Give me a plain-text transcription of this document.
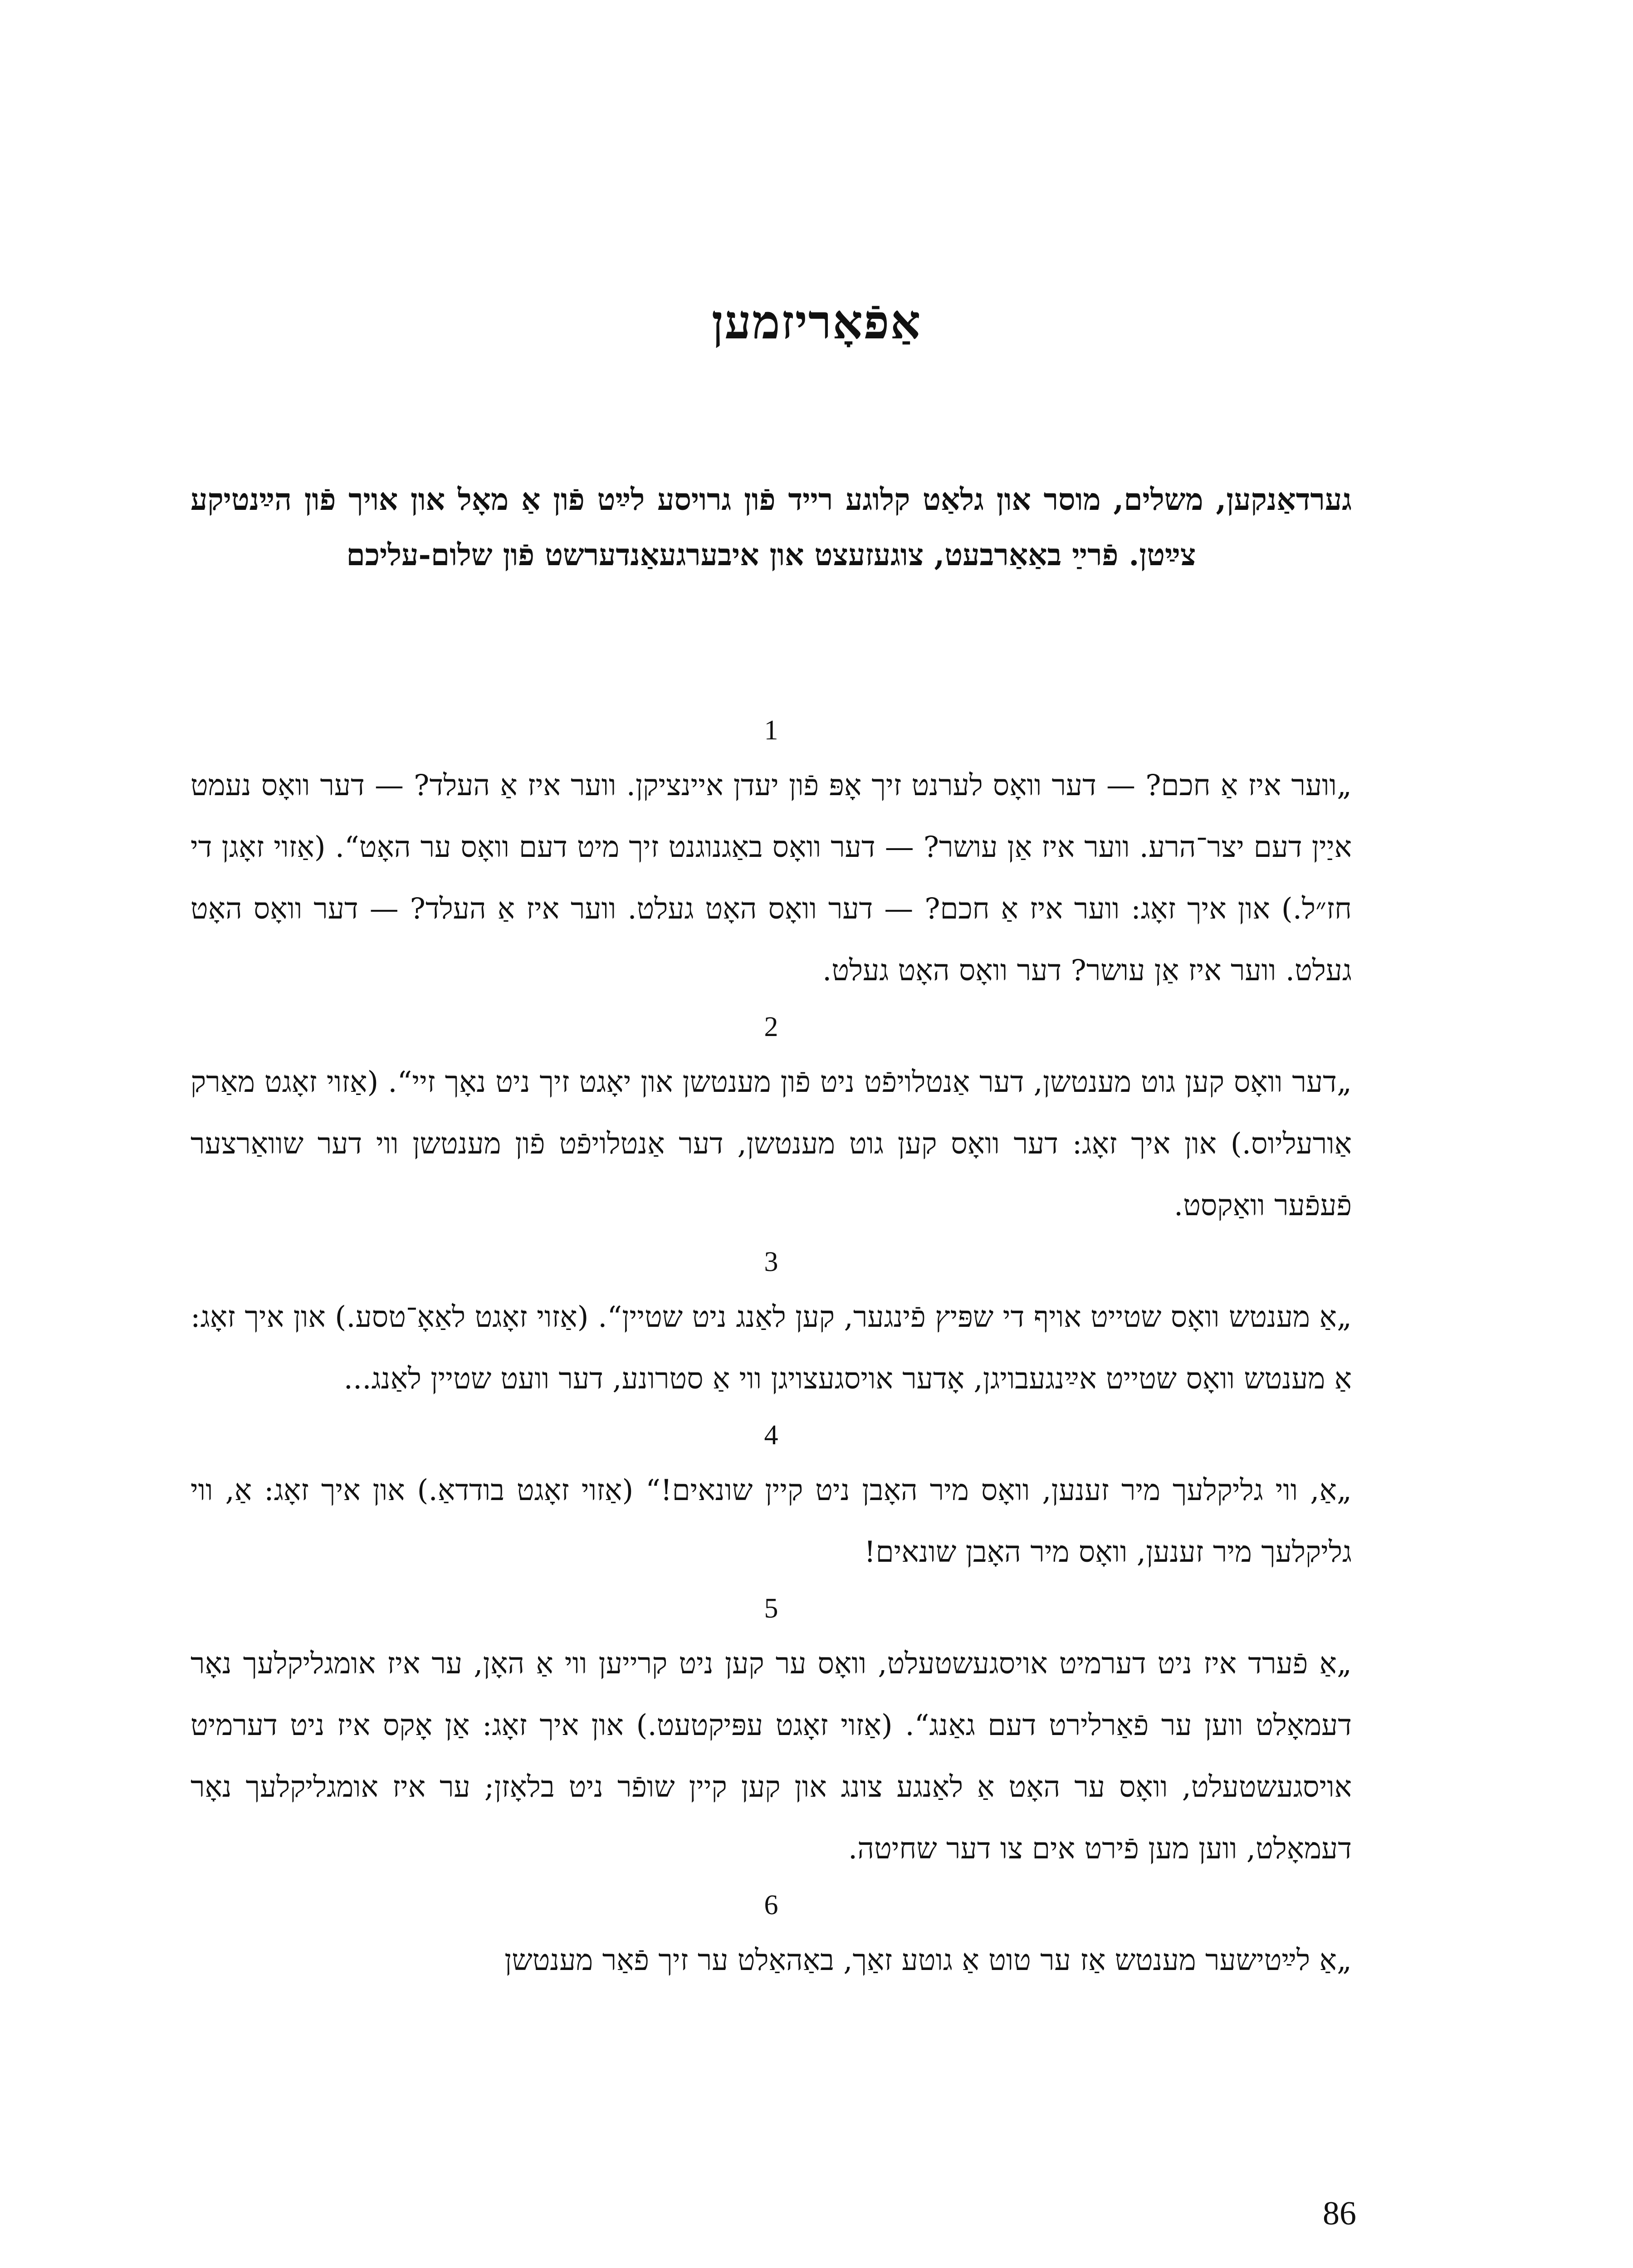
אַפֿאָריזמען
גערדאַנקען, משלים, מוסר און גלאַט קלוגע רייד פֿון גרויסע לײַט פֿון אַ מאָל און אויך פֿון הײַנטיקע צײַטן. פֿרײַ באַאַרבעט, צוגעזעצט און איבערגעאַנדערשט פֿון שלום-עליכם
1
„ווער איז אַ חכם? — דער וואָס לערנט זיך אָפּ פֿון יעדן איינציקן. ווער איז אַ העלד? — דער וואָס נעמט איַין דעם יצר־הרע. ווער איז אַן עושר? — דער וואָס באַגנוגנט זיך מיט דעם וואָס ער האָט“. (אַזוי זאָגן די חז״ל.) און איך זאָג: ווער איז אַ חכם? — דער וואָס האָט געלט. ווער איז אַ העלד? — דער וואָס האָט געלט. ווער איז אַן עושר? דער וואָס האָט געלט.
2
„דער וואָס קען גוט מענטשן, דער אַנטלויפֿט ניט פֿון מענטשן און יאָגט זיך ניט נאָך זיי“. (אַזוי זאָגט מאַרק אַורעליוס.) און איך זאָג: דער וואָס קען גוט מענטשן, דער אַנטלויפֿט פֿון מענטשן ווי דער שוואַרצער פֿעפֿער וואַקסט.
3
„אַ מענטש וואָס שטייט אויף די שפּיץ פֿינגער, קען לאַנג ניט שטיין“. (אַזוי זאָגט לאַאָ־טסע.) און איך זאָג: אַ מענטש וואָס שטייט אײַנגעבויגן, אָדער אויסגעצויגן ווי אַ סטרונע, דער וועט שטיין לאַנג...
4
„אַ, ווי גליקלעך מיר זענען, וואָס מיר האָבן ניט קיין שונאים!“ (אַזוי זאָגט בודדאַ.) און איך זאָג: אַ, ווי גליקלעך מיר זענען, וואָס מיר האָבן שונאים!
5
„אַ פֿערד איז ניט דערמיט אויסגעשטעלט, וואָס ער קען ניט קרייען ווי אַ האָן, ער איז אומגליקלעך נאָר דעמאָלט ווען ער פֿאַרלירט דעם גאַנג“. (אַזוי זאָגט עפּיקטעט.) און איך זאָג: אַן אָקס איז ניט דערמיט אויסגעשטעלט, וואָס ער האָט אַ לאַנגע צונג און קען קיין שופֿר ניט בלאָזן; ער איז אומגליקלעך נאָר דעמאָלט, ווען מען פֿירט אים צו דער שחיטה.
6
„אַ לײַטישער מענטש אַז ער טוט אַ גוטע זאַך, באַהאַלט ער זיך פֿאַר מענטשן
86
